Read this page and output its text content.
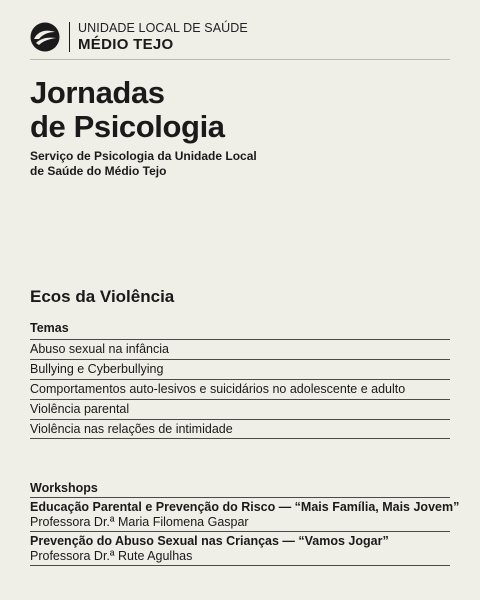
UNIDADE LOCAL DE SAÚDE
MÉDIO TEJO
Jornadas
de Psicologia
Serviço de Psicologia da Unidade Local
de Saúde do Médio Tejo
Ecos da Violência
Temas
Abuso sexual na infância
Bullying e Cyberbullying
Comportamentos auto-lesivos e suicidários no adolescente e adulto
Violência parental
Violência nas relações de intimidade
Workshops
Educação Parental e Prevenção do Risco — “Mais Família, Mais Jovem”
Professora Dr.ª Maria Filomena Gaspar
Prevenção do Abuso Sexual nas Crianças — “Vamos Jogar”
Professora Dr.ª Rute Agulhas
